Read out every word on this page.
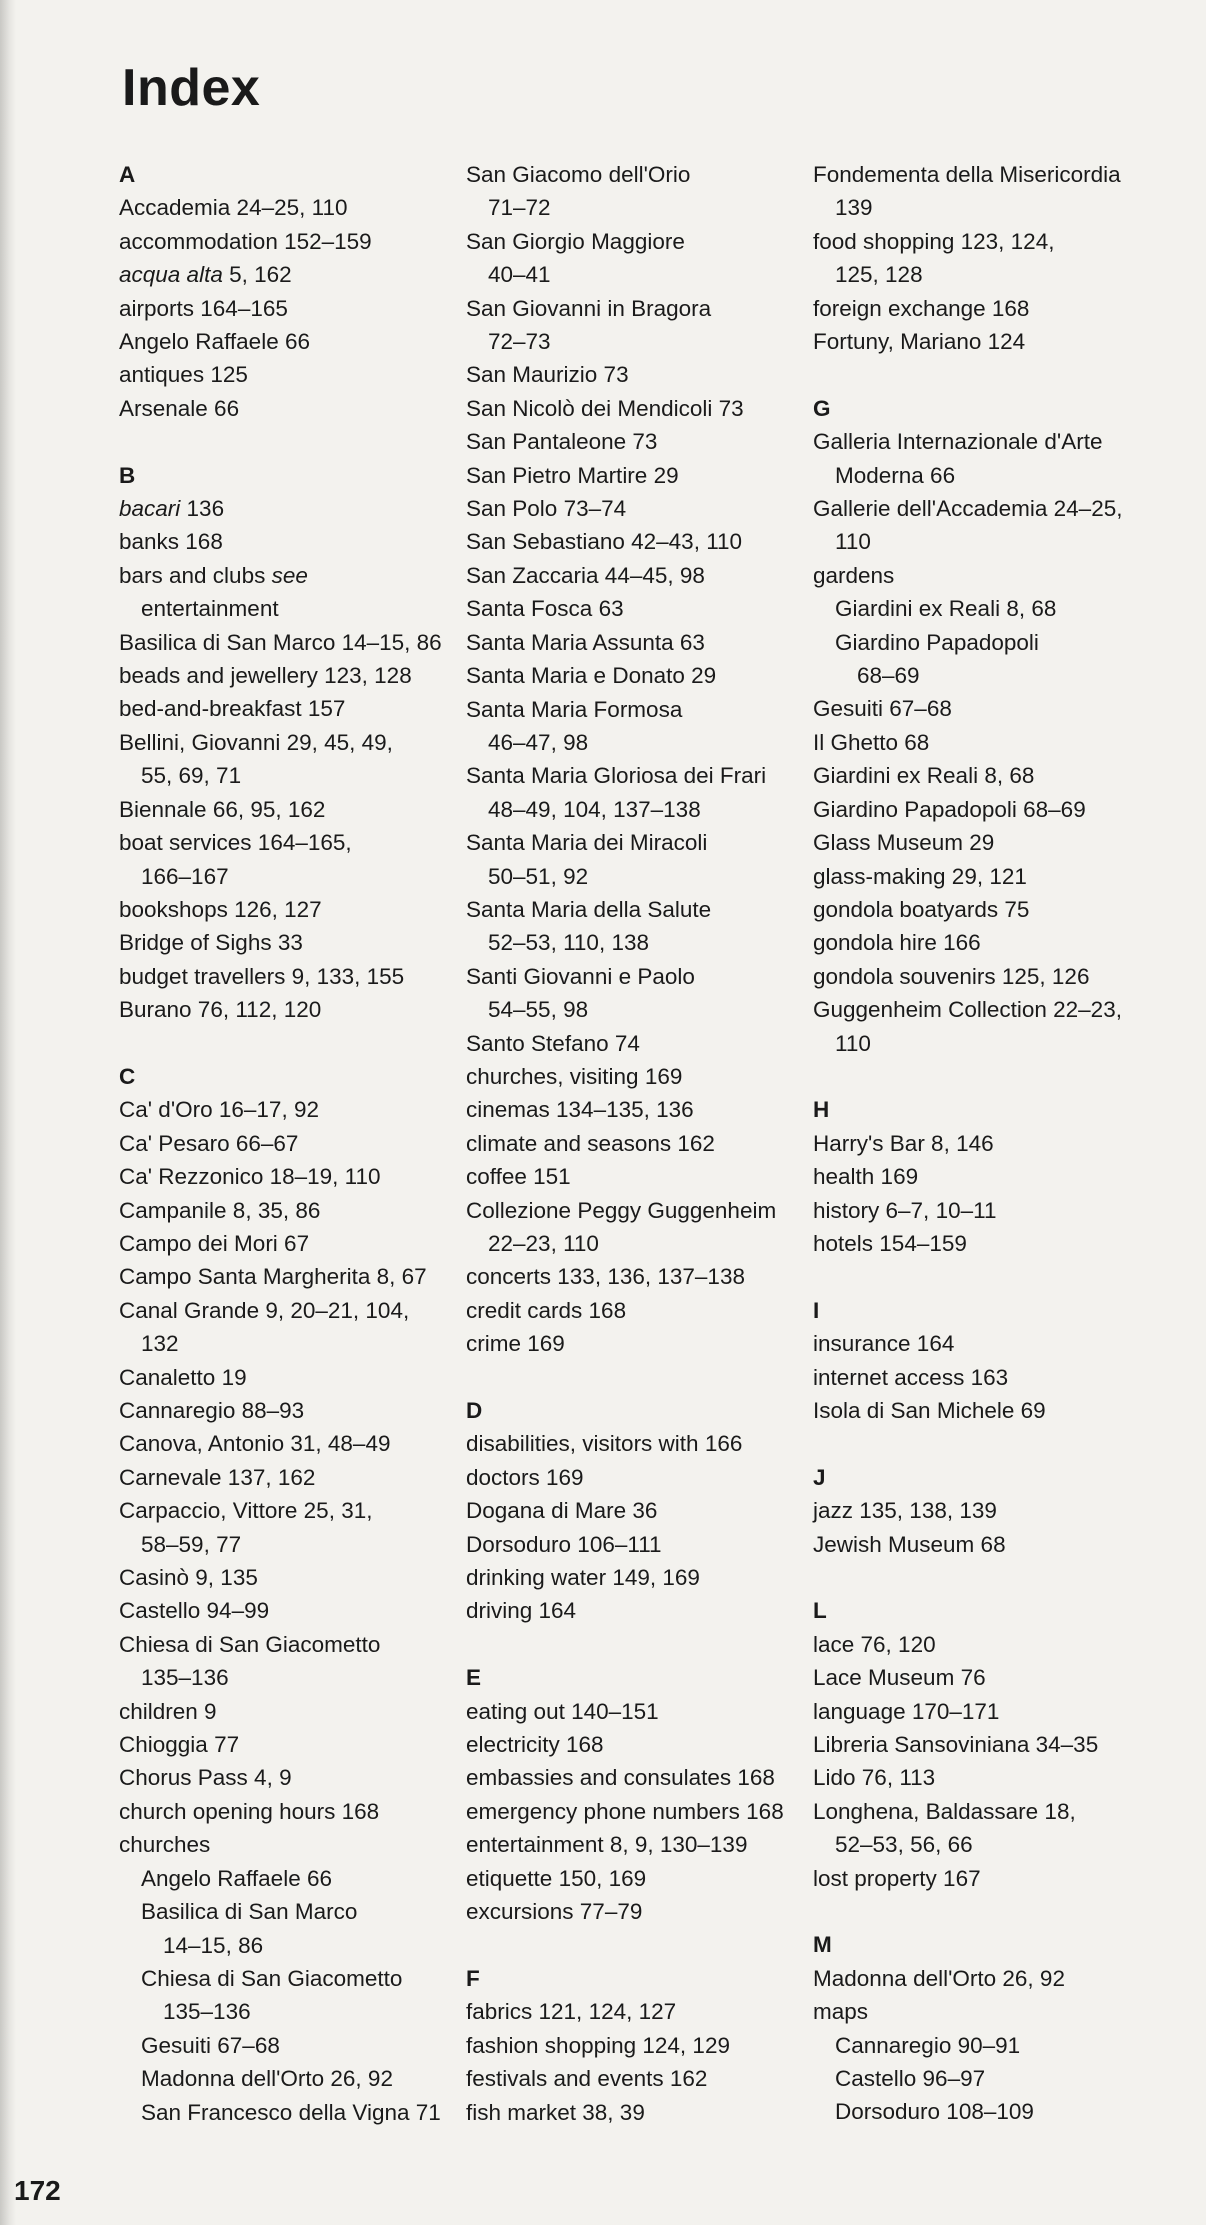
Index

A

Accademia 24–25, 110

accommodation 152–159

acqua alta 5, 162

airports 164–165

Angelo Raffaele 66

antiques 125

Arsenale 66

B

bacari 136

banks 168

bars and clubs see

entertainment

Basilica di San Marco 14–15, 86

beads and jewellery 123, 128

bed-and-breakfast 157

Bellini, Giovanni 29, 45, 49,

55, 69, 71

Biennale 66, 95, 162

boat services 164–165,

166–167

bookshops 126, 127

Bridge of Sighs 33

budget travellers 9, 133, 155

Burano 76, 112, 120

C

Ca' d'Oro 16–17, 92

Ca' Pesaro 66–67

Ca' Rezzonico 18–19, 110

Campanile 8, 35, 86

Campo dei Mori 67

Campo Santa Margherita 8, 67

Canal Grande 9, 20–21, 104,

132

Canaletto 19

Cannaregio 88–93

Canova, Antonio 31, 48–49

Carnevale 137, 162

Carpaccio, Vittore 25, 31,

58–59, 77

Casinò 9, 135

Castello 94–99

Chiesa di San Giacometto

135–136

children 9

Chioggia 77

Chorus Pass 4, 9

church opening hours 168

churches

Angelo Raffaele 66

Basilica di San Marco

14–15, 86

Chiesa di San Giacometto

135–136

Gesuiti 67–68

Madonna dell'Orto 26, 92

San Francesco della Vigna 71

San Giacomo dell'Orio

71–72

San Giorgio Maggiore

40–41

San Giovanni in Bragora

72–73

San Maurizio 73

San Nicolò dei Mendicoli 73

San Pantaleone 73

San Pietro Martire 29

San Polo 73–74

San Sebastiano 42–43, 110

San Zaccaria 44–45, 98

Santa Fosca 63

Santa Maria Assunta 63

Santa Maria e Donato 29

Santa Maria Formosa

46–47, 98

Santa Maria Gloriosa dei Frari

48–49, 104, 137–138

Santa Maria dei Miracoli

50–51, 92

Santa Maria della Salute

52–53, 110, 138

Santi Giovanni e Paolo

54–55, 98

Santo Stefano 74

churches, visiting 169

cinemas 134–135, 136

climate and seasons 162

coffee 151

Collezione Peggy Guggenheim

22–23, 110

concerts 133, 136, 137–138

credit cards 168

crime 169

D

disabilities, visitors with 166

doctors 169

Dogana di Mare 36

Dorsoduro 106–111

drinking water 149, 169

driving 164

E

eating out 140–151

electricity 168

embassies and consulates 168

emergency phone numbers 168

entertainment 8, 9, 130–139

etiquette 150, 169

excursions 77–79

F

fabrics 121, 124, 127

fashion shopping 124, 129

festivals and events 162

fish market 38, 39

Fondementa della Misericordia

139

food shopping 123, 124,

125, 128

foreign exchange 168

Fortuny, Mariano 124

G

Galleria Internazionale d'Arte

Moderna 66

Gallerie dell'Accademia 24–25,

110

gardens

Giardini ex Reali 8, 68

Giardino Papadopoli

68–69

Gesuiti 67–68

Il Ghetto 68

Giardini ex Reali 8, 68

Giardino Papadopoli 68–69

Glass Museum 29

glass-making 29, 121

gondola boatyards 75

gondola hire 166

gondola souvenirs 125, 126

Guggenheim Collection 22–23,

110

H

Harry's Bar 8, 146

health 169

history 6–7, 10–11

hotels 154–159

I

insurance 164

internet access 163

Isola di San Michele 69

J

jazz 135, 138, 139

Jewish Museum 68

L

lace 76, 120

Lace Museum 76

language 170–171

Libreria Sansoviniana 34–35

Lido 76, 113

Longhena, Baldassare 18,

52–53, 56, 66

lost property 167

M

Madonna dell'Orto 26, 92

maps

Cannaregio 90–91

Castello 96–97

Dorsoduro 108–109

172
